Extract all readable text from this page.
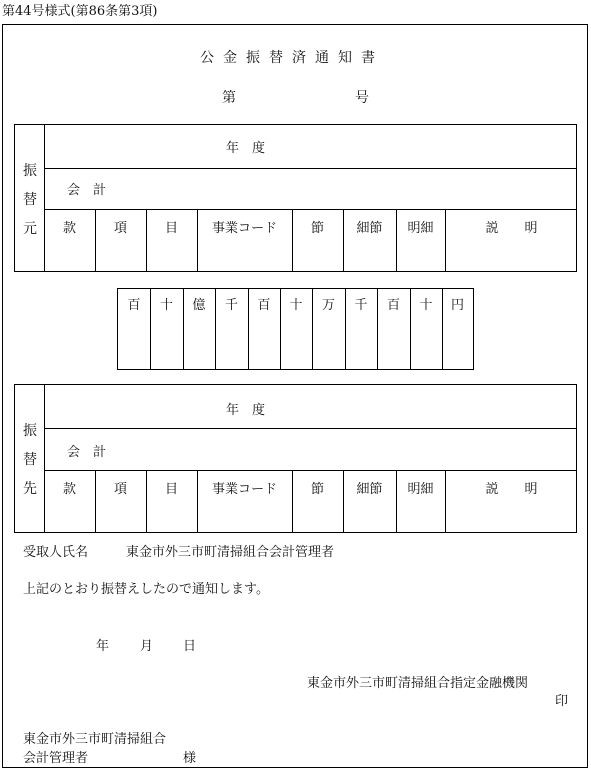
第44号様式(第86条第3項)
公金振替済通知書
第	号
振
替
元
年　度
会　計
款	項	目	事業コード	節	細節	明細	説　　明
百	十	億	千	百	十	万	千	百	十	円
振
替
先
年　度
会　計
款	項	目	事業コード	節	細節	明細	説　　明
受取人氏名	東金市外三市町清掃組合会計管理者
上記のとおり振替えしたので通知します。
年 月 日
東金市外三市町清掃組合指定金融機関
印
東金市外三市町清掃組合
会計管理者	様
